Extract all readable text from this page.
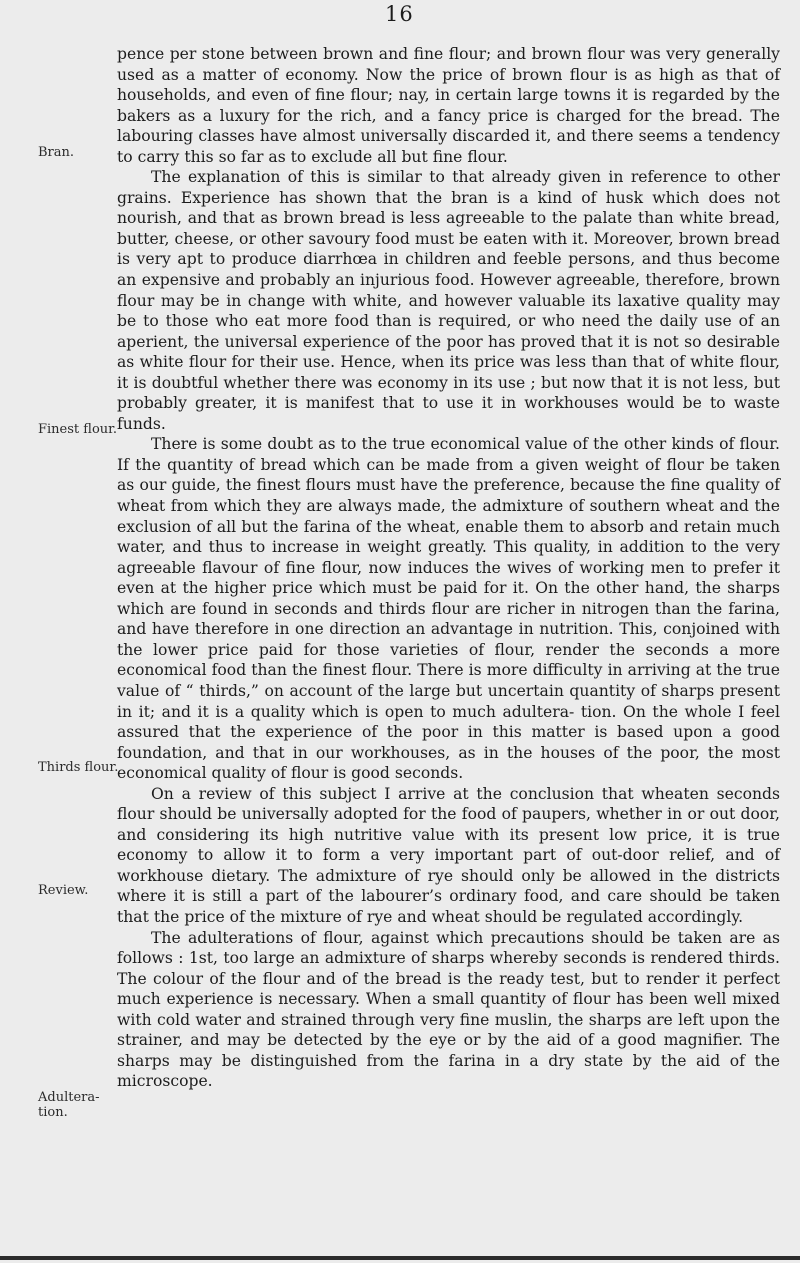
16
Bran.
Finest flour.
Thirds flour.
Review.
Adultera-tion.

pence per stone between brown and fine flour; and brown flour was very generally used as a matter of economy. Now the price of brown flour is as high as that of households, and even of fine flour; nay, in certain large towns it is regarded by the bakers as a luxury for the rich, and a fancy price is charged for the bread. The labouring classes have almost universally discarded it, and there seems a tendency to carry this so far as to exclude all but fine flour.

The explanation of this is similar to that already given in reference to other grains. Experience has shown that the bran is a kind of husk which does not nourish, and that as brown bread is less agreeable to the palate than white bread, butter, cheese, or other savoury food must be eaten with it. Moreover, brown bread is very apt to produce diarrhœa in children and feeble persons, and thus become an expensive and probably an injurious food. However agreeable, therefore, brown flour may be in change with white, and however valuable its laxative quality may be to those who eat more food than is required, or who need the daily use of an aperient, the universal experience of the poor has proved that it is not so desirable as white flour for their use. Hence, when its price was less than that of white flour, it is doubtful whether there was economy in its use ; but now that it is not less, but probably greater, it is manifest that to use it in workhouses would be to waste funds.

There is some doubt as to the true economical value of the other kinds of flour. If the quantity of bread which can be made from a given weight of flour be taken as our guide, the finest flours must have the preference, because the fine quality of wheat from which they are always made, the admixture of southern wheat and the exclusion of all but the farina of the wheat, enable them to absorb and retain much water, and thus to increase in weight greatly. This quality, in addition to the very agreeable flavour of fine flour, now induces the wives of working men to prefer it even at the higher price which must be paid for it. On the other hand, the sharps which are found in seconds and thirds flour are richer in nitrogen than the farina, and have therefore in one direction an advantage in nutrition. This, conjoined with the lower price paid for those varieties of flour, render the seconds a more economical food than the finest flour. There is more difficulty in arriving at the true value of “ thirds,” on account of the large but uncertain quantity of sharps present in it; and it is a quality which is open to much adultera- tion. On the whole I feel assured that the experience of the poor in this matter is based upon a good foundation, and that in our workhouses, as in the houses of the poor, the most economical quality of flour is good seconds.

On a review of this subject I arrive at the conclusion that wheaten seconds flour should be universally adopted for the food of paupers, whether in or out door, and considering its high nutritive value with its present low price, it is true economy to allow it to form a very important part of out-door relief, and of workhouse dietary. The admixture of rye should only be allowed in the districts where it is still a part of the labourer’s ordinary food, and care should be taken that the price of the mixture of rye and wheat should be regulated accordingly.

The adulterations of flour, against which precautions should be taken are as follows : 1st, too large an admixture of sharps whereby seconds is rendered thirds. The colour of the flour and of the bread is the ready test, but to render it perfect much experience is necessary. When a small quantity of flour has been well mixed with cold water and strained through very fine muslin, the sharps are left upon the strainer, and may be detected by the eye or by the aid of a good magnifier. The sharps may be distinguished from the farina in a dry state by the aid of the microscope.
